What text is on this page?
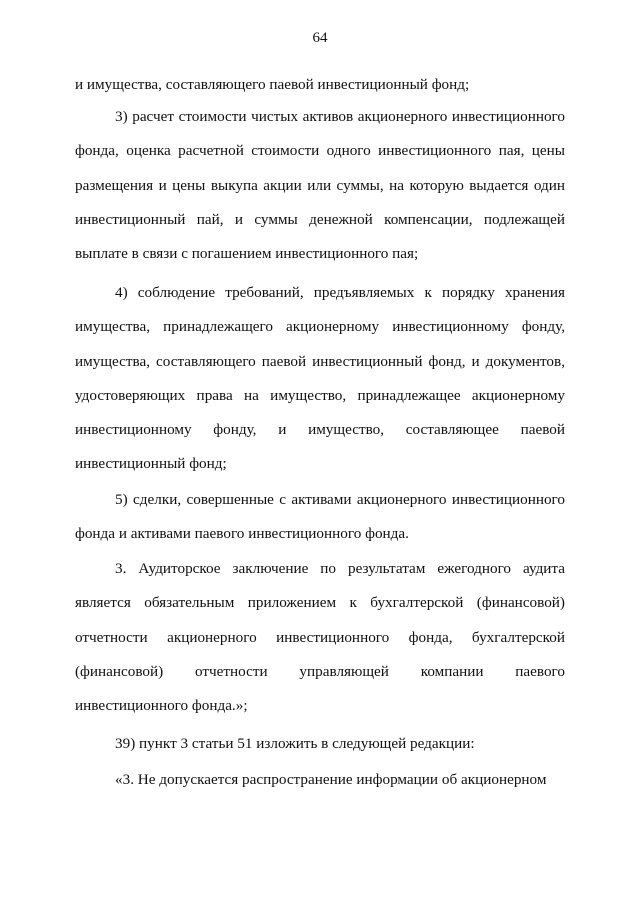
64

и имущества, составляющего паевой инвестиционный фонд;

3) расчет стоимости чистых активов акционерного инвестиционного фонда, оценка расчетной стоимости одного инвестиционного пая, цены размещения и цены выкупа акции или суммы, на которую выдается один инвестиционный пай, и суммы денежной компенсации, подлежащей выплате в связи с погашением инвестиционного пая;

4) соблюдение требований, предъявляемых к порядку хранения имущества, принадлежащего акционерному инвестиционному фонду, имущества, составляющего паевой инвестиционный фонд, и документов, удостоверяющих права на имущество, принадлежащее акционерному инвестиционному фонду, и имущество, составляющее паевой инвестиционный фонд;

5) сделки, совершенные с активами акционерного инвестиционного фонда и активами паевого инвестиционного фонда.

3. Аудиторское заключение по результатам ежегодного аудита является обязательным приложением к бухгалтерской (финансовой) отчетности акционерного инвестиционного фонда, бухгалтерской (финансовой) отчетности управляющей компании паевого инвестиционного фонда.»;

39) пункт 3 статьи 51 изложить в следующей редакции:

«3. Не допускается распространение информации об акционерном
